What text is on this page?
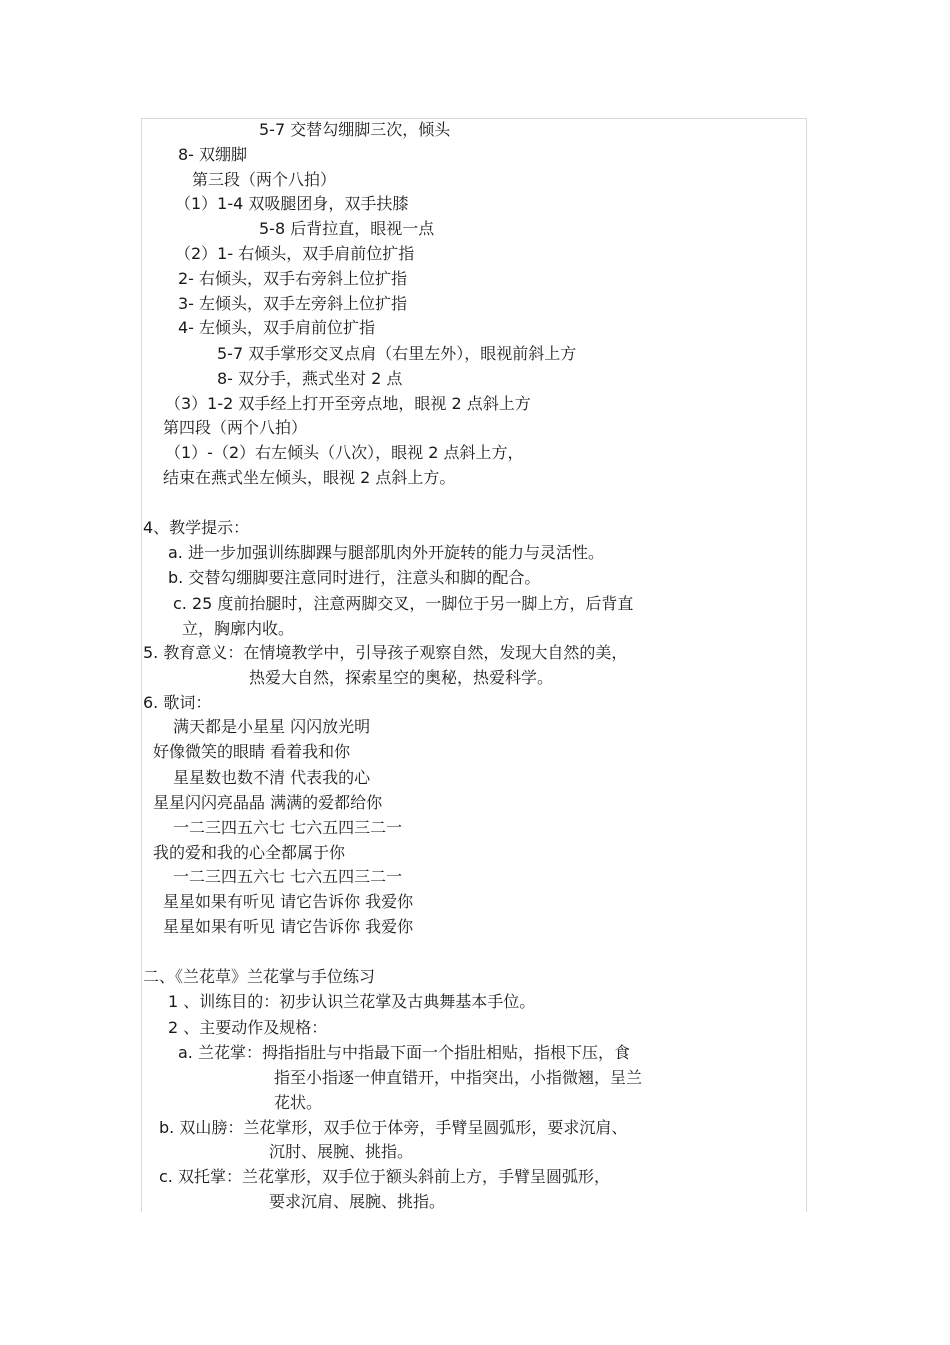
5-7 交替勾绷脚三次，倾头
8- 双绷脚
第三段（两个八拍）
（1）1-4 双吸腿团身，双手扶膝
5-8 后背拉直，眼视一点
（2）1- 右倾头，双手肩前位扩指
2- 右倾头，双手右旁斜上位扩指
3- 左倾头，双手左旁斜上位扩指
4- 左倾头，双手肩前位扩指
5-7 双手掌形交叉点肩（右里左外），眼视前斜上方
8- 双分手，燕式坐对 2 点
（3）1-2 双手经上打开至旁点地，眼视 2 点斜上方
第四段（两个八拍）
（1）-（2）右左倾头（八次），眼视 2 点斜上方，
结束在燕式坐左倾头，眼视 2 点斜上方。
4、教学提示：
a. 进一步加强训练脚踝与腿部肌肉外开旋转的能力与灵活性。
b. 交替勾绷脚要注意同时进行，注意头和脚的配合。
c. 25 度前抬腿时，注意两脚交叉，一脚位于另一脚上方，后背直
立，胸廓内收。
5. 教育意义：在情境教学中，引导孩子观察自然，发现大自然的美，
热爱大自然，探索星空的奥秘，热爱科学。
6. 歌词：
满天都是小星星 闪闪放光明
好像微笑的眼睛 看着我和你
星星数也数不清 代表我的心
星星闪闪亮晶晶 满满的爱都给你
一二三四五六七 七六五四三二一
我的爱和我的心全都属于你
一二三四五六七 七六五四三二一
星星如果有听见 请它告诉你 我爱你
星星如果有听见 请它告诉你 我爱你
二、《兰花草》兰花掌与手位练习
1 、训练目的：初步认识兰花掌及古典舞基本手位。
2 、主要动作及规格：
a. 兰花掌：拇指指肚与中指最下面一个指肚相贴，指根下压，食
指至小指逐一伸直错开，中指突出，小指微翘，呈兰
花状。
b. 双山膀：兰花掌形，双手位于体旁，手臂呈圆弧形，要求沉肩、
沉肘、展腕、挑指。
c. 双托掌：兰花掌形，双手位于额头斜前上方，手臂呈圆弧形，
要求沉肩、展腕、挑指。
